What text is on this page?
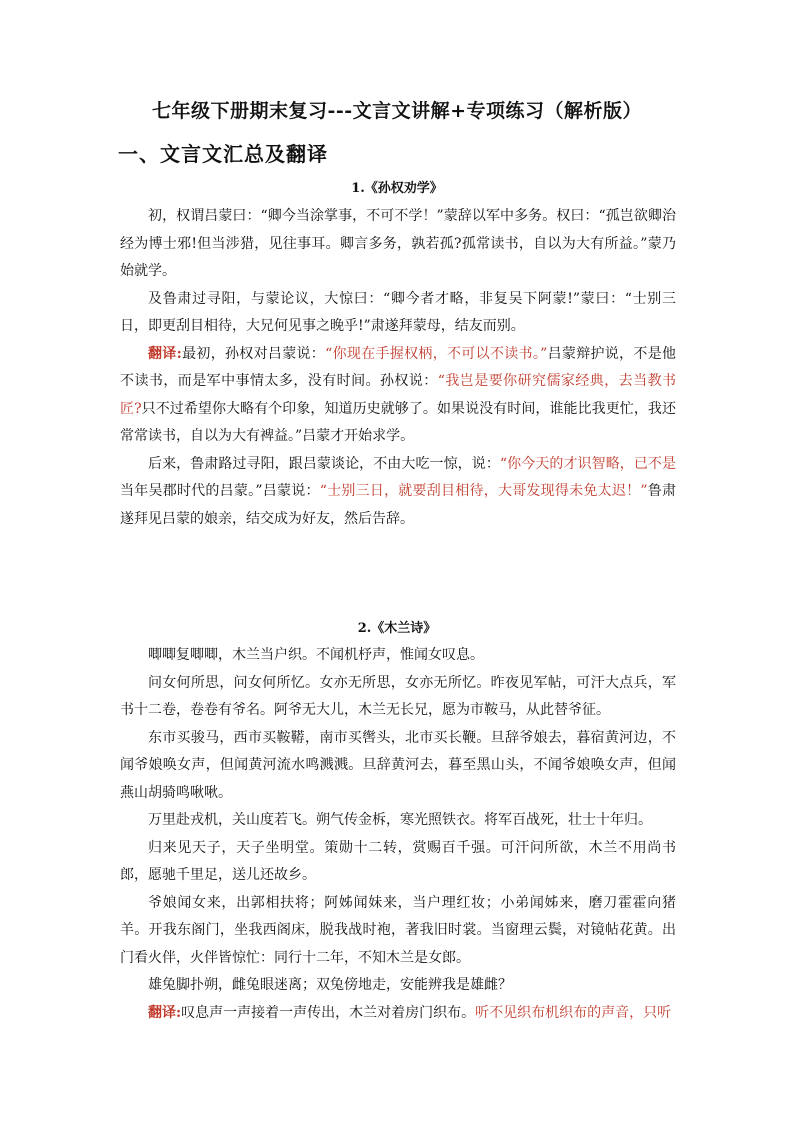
七年级下册期末复习---文言文讲解+专项练习（解析版）
一、文言文汇总及翻译
1.《孙权劝学》

初，权谓吕蒙曰：“卿今当涂掌事，不可不学！”蒙辞以军中多务。权曰：“孤岂欲卿治经为博士邪!但当涉猎，见往事耳。卿言多务，孰若孤?孤常读书，自以为大有所益。”蒙乃始就学。

及鲁肃过寻阳，与蒙论议，大惊曰：“卿今者才略，非复吴下阿蒙!”蒙曰：“士别三日，即更刮目相待，大兄何见事之晚乎!”肃遂拜蒙母，结友而别。

翻译:最初，孙权对吕蒙说：“你现在手握权柄，不可以不读书。”吕蒙辩护说，不是他不读书，而是军中事情太多，没有时间。孙权说：“我岂是要你研究儒家经典，去当教书匠?只不过希望你大略有个印象，知道历史就够了。如果说没有时间，谁能比我更忙，我还常常读书，自以为大有裨益。”吕蒙才开始求学。

后来，鲁肃路过寻阳，跟吕蒙谈论，不由大吃一惊，说：“你今天的才识智略，已不是当年吴郡时代的吕蒙。”吕蒙说：“士别三日，就要刮目相待，大哥发现得未免太迟！”鲁肃遂拜见吕蒙的娘亲，结交成为好友，然后告辞。

2.《木兰诗》

唧唧复唧唧，木兰当户织。不闻机杼声，惟闻女叹息。

问女何所思，问女何所忆。女亦无所思，女亦无所忆。昨夜见军帖，可汗大点兵，军书十二卷，卷卷有爷名。阿爷无大儿，木兰无长兄，愿为市鞍马，从此替爷征。

东市买骏马，西市买鞍鞯，南市买辔头，北市买长鞭。旦辞爷娘去，暮宿黄河边，不闻爷娘唤女声，但闻黄河流水鸣溅溅。旦辞黄河去，暮至黑山头，不闻爷娘唤女声，但闻燕山胡骑鸣啾啾。

万里赴戎机，关山度若飞。朔气传金柝，寒光照铁衣。将军百战死，壮士十年归。

归来见天子，天子坐明堂。策勋十二转，赏赐百千强。可汗问所欲，木兰不用尚书郎，愿驰千里足，送儿还故乡。

爷娘闻女来，出郭相扶将；阿姊闻妹来，当户理红妆；小弟闻姊来，磨刀霍霍向猪羊。开我东阁门，坐我西阁床，脱我战时袍，著我旧时裳。当窗理云鬓，对镜帖花黄。出门看火伴，火伴皆惊忙：同行十二年，不知木兰是女郎。

雄兔脚扑朔，雌兔眼迷离；双兔傍地走，安能辨我是雄雌？

翻译:叹息声一声接着一声传出，木兰对着房门织布。听不见织布机织布的声音，只听
